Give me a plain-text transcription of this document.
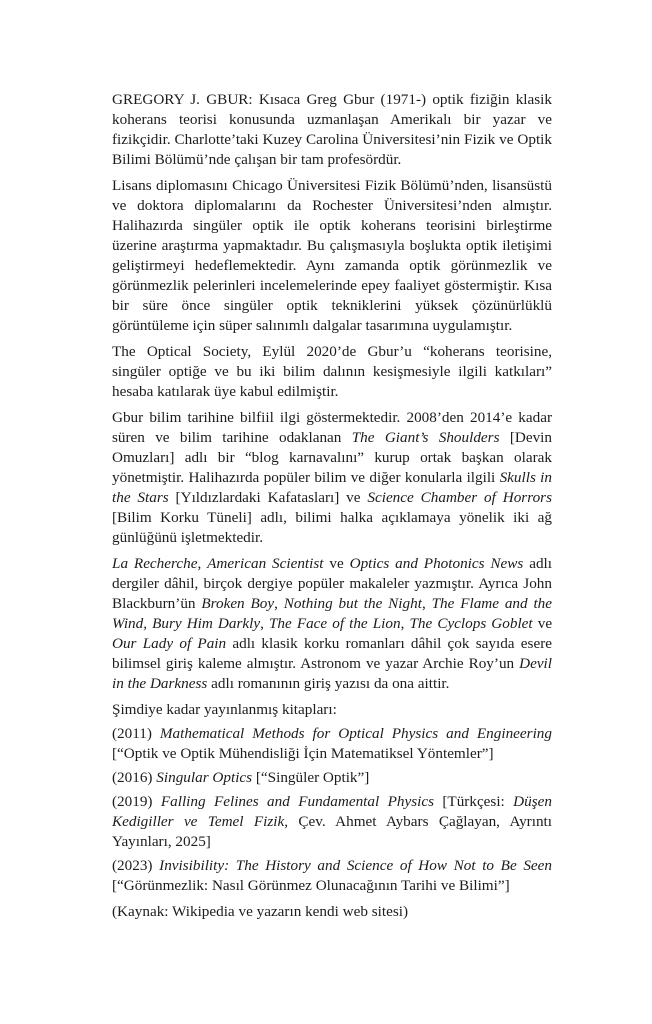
GREGORY J. GBUR: Kısaca Greg Gbur (1971-) optik fiziğin klasik koherans teorisi konusunda uzmanlaşan Amerikalı bir yazar ve fizikçidir. Charlotte’taki Kuzey Carolina Üniversitesi’nin Fizik ve Optik Bilimi Bölümü’nde çalışan bir tam profesördür.

Lisans diplomasını Chicago Üniversitesi Fizik Bölümü’nden, lisansüstü ve doktora diplomalarını da Rochester Üniversitesi’nden almıştır. Halihazırda singüler optik ile optik koherans teorisini birleştirme üzerine araştırma yapmaktadır. Bu çalışmasıyla boşlukta optik iletişimi geliştirmeyi hedeflemektedir. Aynı zamanda optik görünmezlik ve görünmezlik pelerinleri incelemelerinde epey faaliyet göstermiştir. Kısa bir süre önce singüler optik tekniklerini yüksek çözünürlüklü görüntüleme için süper salınımlı dalgalar tasarımına uygulamıştır.

The Optical Society, Eylül 2020’de Gbur’u “koherans teorisine, singüler optiğe ve bu iki bilim dalının kesişmesiyle ilgili katkıları” hesaba katılarak üye kabul edilmiştir.

Gbur bilim tarihine bilfiil ilgi göstermektedir. 2008’den 2014’e kadar süren ve bilim tarihine odaklanan The Giant’s Shoulders [Devin Omuzları] adlı bir “blog karnavalını” kurup ortak başkan olarak yönetmiştir. Halihazırda popüler bilim ve diğer konularla ilgili Skulls in the Stars [Yıldızlardaki Kafatasları] ve Science Chamber of Horrors [Bilim Korku Tüneli] adlı, bilimi halka açıklamaya yönelik iki ağ günlüğünü işletmektedir.

La Recherche, American Scientist ve Optics and Photonics News adlı dergiler dâhil, birçok dergiye popüler makaleler yazmıştır. Ayrıca John Blackburn’ün Broken Boy, Nothing but the Night, The Flame and the Wind, Bury Him Darkly, The Face of the Lion, The Cyclops Goblet ve Our Lady of Pain adlı klasik korku romanları dâhil çok sayıda esere bilimsel giriş kaleme almıştır. Astronom ve yazar Archie Roy’un Devil in the Darkness adlı romanının giriş yazısı da ona aittir.

Şimdiye kadar yayınlanmış kitapları:

(2011) Mathematical Methods for Optical Physics and Engineering [“Optik ve Optik Mühendisliği İçin Matematiksel Yöntemler”]

(2016) Singular Optics [“Singüler Optik”]

(2019) Falling Felines and Fundamental Physics [Türkçesi: Düşen Kedigiller ve Temel Fizik, Çev. Ahmet Aybars Çağlayan, Ayrıntı Yayınları, 2025]

(2023) Invisibility: The History and Science of How Not to Be Seen [“Görünmezlik: Nasıl Görünmez Olunacağının Tarihi ve Bilimi”]

(Kaynak: Wikipedia ve yazarın kendi web sitesi)
